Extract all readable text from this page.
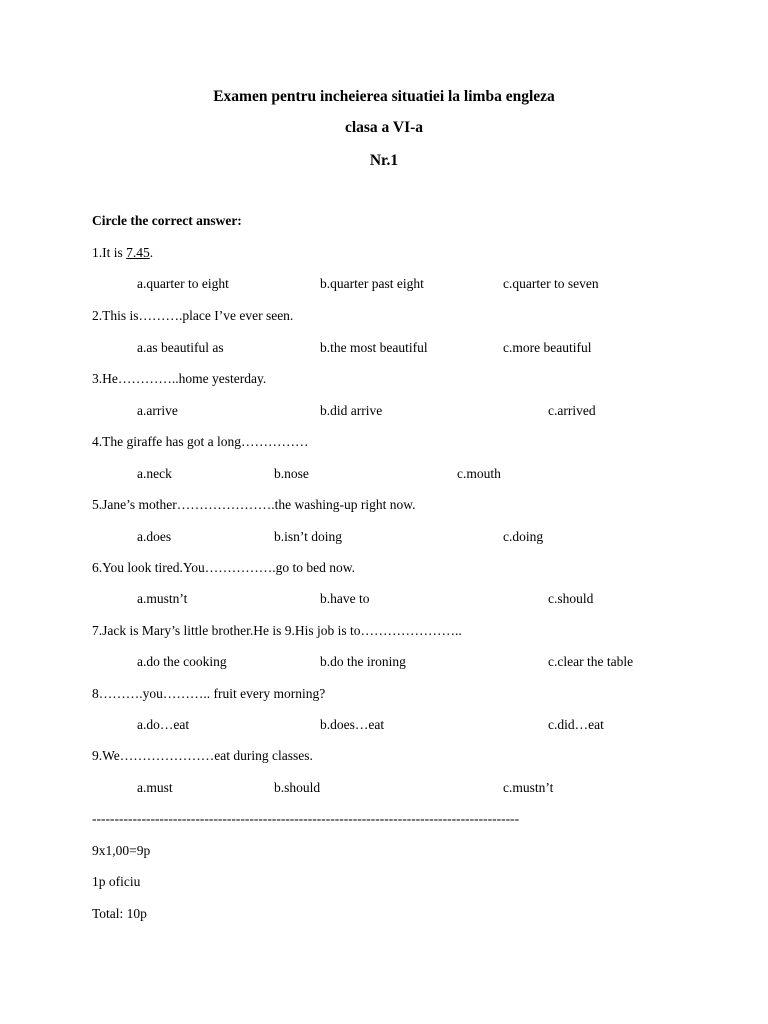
Examen pentru incheierea situatiei la limba engleza
clasa a VI-a
Nr.1
Circle the correct answer:
1.It is 7.45.
a.quarter to eight	b.quarter past eight	c.quarter to seven
2.This is……….place I’ve ever seen.
a.as beautiful as	b.the most beautiful	c.more beautiful
3.He…………..home yesterday.
a.arrive	b.did arrive	c.arrived
4.The giraffe has got a long……………
a.neck	b.nose	c.mouth
5.Jane’s mother………………….the washing-up right now.
a.does	b.isn’t doing	c.doing
6.You look tired.You…………….go to bed now.
a.mustn’t	b.have to	c.should
7.Jack is Mary’s little brother.He is 9.His job is to…………………..
a.do the cooking	b.do the ironing	c.clear the table
8……….you……….. fruit every morning?
a.do…eat	b.does…eat	c.did…eat
9.We…………………eat during classes.
a.must	b.should	c.mustn’t
-----------------------------------------------------------------------------------------------
9x1,00=9p
1p oficiu
Total: 10p
